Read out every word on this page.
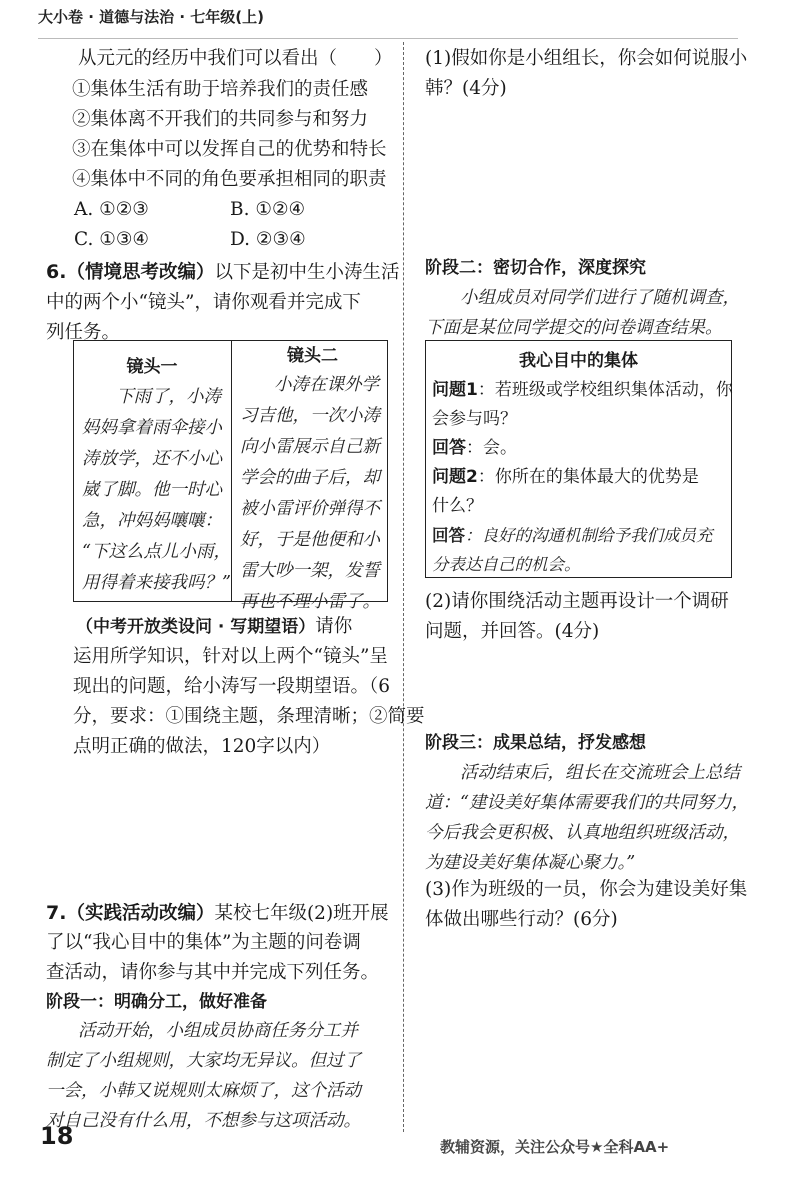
大小卷 · 道德与法治 · 七年级(上)
从元元的经历中我们可以看出（　　）
①集体生活有助于培养我们的责任感
②集体离不开我们的共同参与和努力
③在集体中可以发挥自己的优势和特长
④集体中不同的角色要承担相同的职责
A. ①②③	B. ①②④
C. ①③④	D. ②③④
6.（情境思考改编）以下是初中生小涛生活
中的两个小“镜头”，请你观看并完成下
列任务。
镜头一
下雨了，小涛
妈妈拿着雨伞接小
涛放学，还不小心
崴了脚。他一时心
急，冲妈妈嚷嚷：
“下这么点儿小雨，
用得着来接我吗？”
镜头二
小涛在课外学
习吉他，一次小涛
向小雷展示自己新
学会的曲子后，却
被小雷评价弹得不
好，于是他便和小
雷大吵一架，发誓
再也不理小雷了。
（中考开放类设问 · 写期望语）请你
运用所学知识，针对以上两个“镜头”呈
现出的问题，给小涛写一段期望语。（6
分，要求：①围绕主题，条理清晰；②简要
点明正确的做法，120字以内）
7.（实践活动改编）某校七年级(2)班开展
了以“我心目中的集体”为主题的问卷调
查活动，请你参与其中并完成下列任务。
阶段一：明确分工，做好准备
活动开始，小组成员协商任务分工并
制定了小组规则，大家均无异议。但过了
一会，小韩又说规则太麻烦了，这个活动
对自己没有什么用，不想参与这项活动。
(1)假如你是小组组长，你会如何说服小
韩？(4分)
阶段二：密切合作，深度探究
小组成员对同学们进行了随机调查，
下面是某位同学提交的问卷调查结果。
我心目中的集体
问题1：若班级或学校组织集体活动，你
会参与吗？
回答：会。
问题2：你所在的集体最大的优势是
什么？
回答：良好的沟通机制给予我们成员充
分表达自己的机会。
(2)请你围绕活动主题再设计一个调研
问题，并回答。(4分)
阶段三：成果总结，抒发感想
活动结束后，组长在交流班会上总结
道：“建设美好集体需要我们的共同努力，
今后我会更积极、认真地组织班级活动，
为建设美好集体凝心聚力。”
(3)作为班级的一员，你会为建设美好集
体做出哪些行动？(6分)
18	教辅资源，关注公众号★全科AA+
